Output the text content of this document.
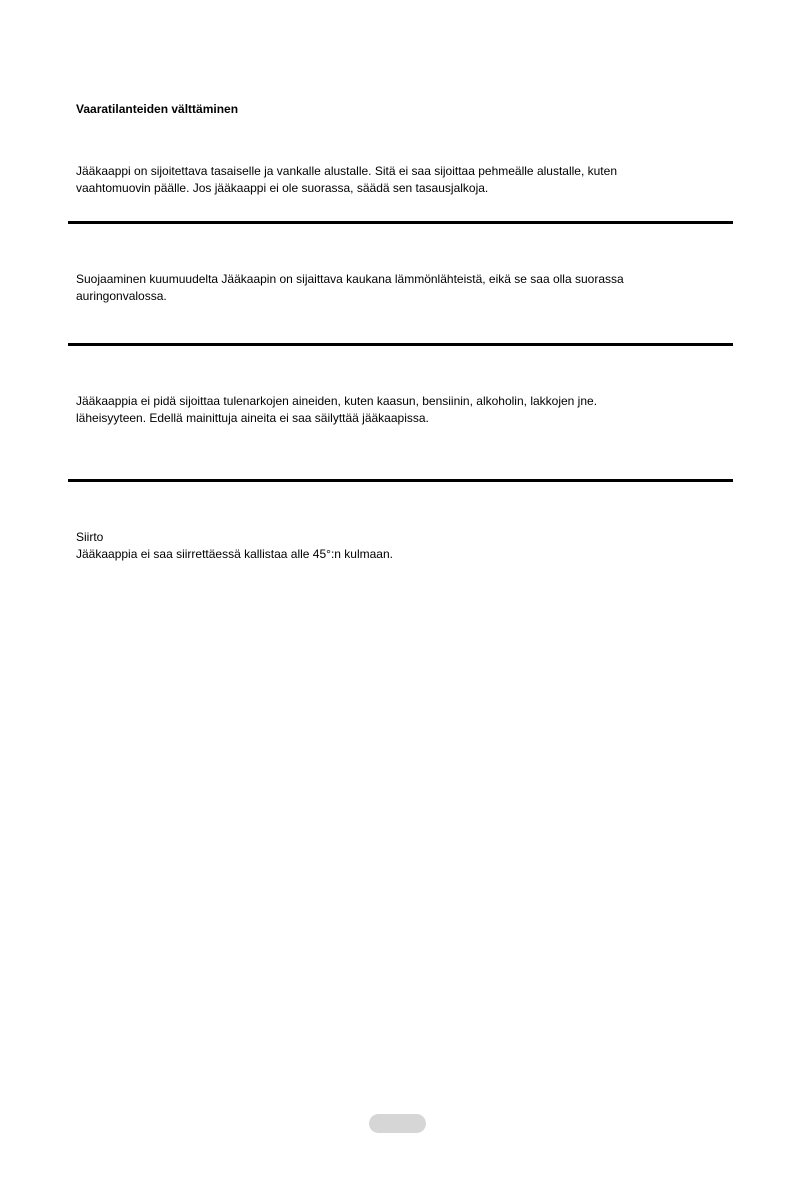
Vaaratilanteiden välttäminen

Jääkaappi on sijoitettava tasaiselle ja vankalle alustalle. Sitä ei saa sijoittaa pehmeälle alustalle, kuten

vaahtomuovin päälle. Jos jääkaappi ei ole suorassa, säädä sen tasausjalkoja.

Suojaaminen kuumuudelta Jääkaapin on sijaittava kaukana lämmönlähteistä, eikä se saa olla suorassa

auringonvalossa.

Jääkaappia ei pidä sijoittaa tulenarkojen aineiden, kuten kaasun, bensiinin, alkoholin, lakkojen jne.

läheisyyteen. Edellä mainittuja aineita ei saa säilyttää jääkaapissa.

Siirto

Jääkaappia ei saa siirrettäessä kallistaa alle 45°:n kulmaan.
